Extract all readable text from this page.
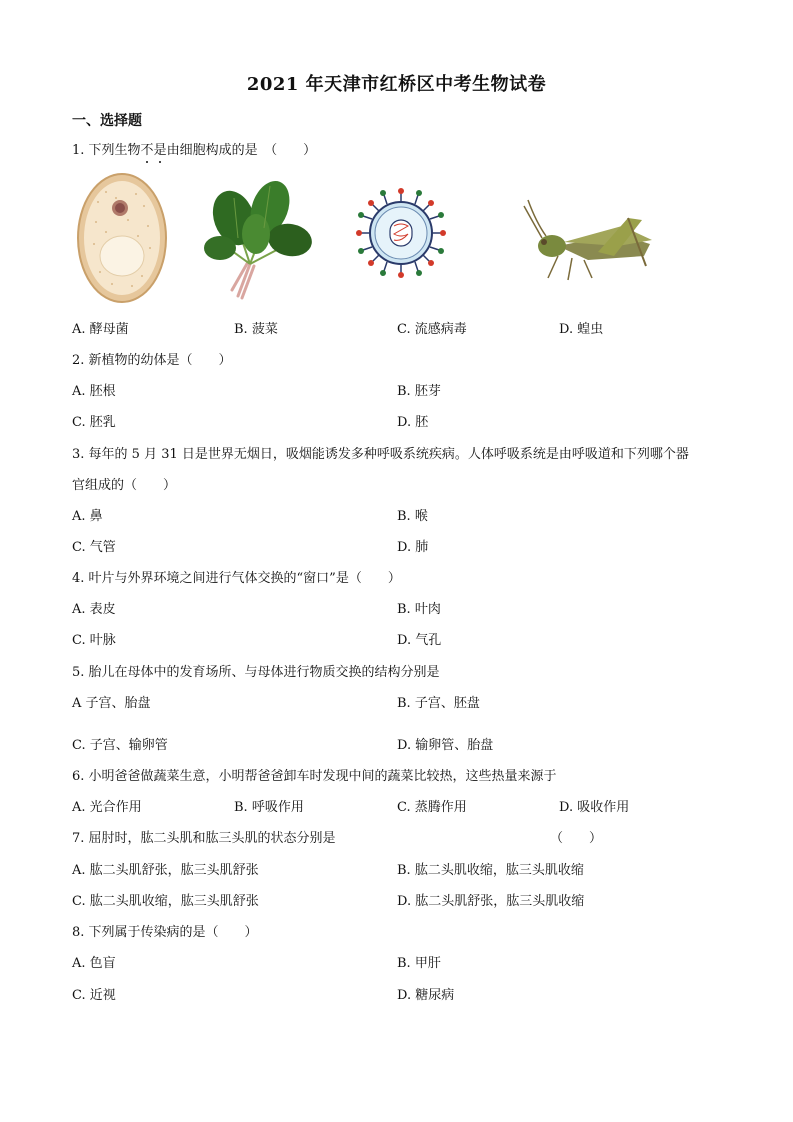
2021 年天津市红桥区中考生物试卷
一、选择题
1. 下列生物不是由细胞构成的是　（　　）
A. 酵母菌	B. 菠菜	C. 流感病毒	D. 蝗虫
2. 新植物的幼体是（　　）
A. 胚根	B. 胚芽
C. 胚乳	D. 胚
3. 每年的 5 月 31 日是世界无烟日，吸烟能诱发多种呼吸系统疾病。人体呼吸系统是由呼吸道和下列哪个器
官组成的（　　）
A. 鼻	B. 喉
C. 气管	D. 肺
4. 叶片与外界环境之间进行气体交换的“窗口”是（　　）
A. 表皮	B. 叶肉
C. 叶脉	D. 气孔
5. 胎儿在母体中的发育场所、与母体进行物质交换的结构分别是
A 子宫、胎盘	B. 子宫、胚盘
C. 子宫、输卵管	D. 输卵管、胎盘
6. 小明爸爸做蔬菜生意，小明帮爸爸卸车时发现中间的蔬菜比较热，这些热量来源于
A. 光合作用	B. 呼吸作用	C. 蒸腾作用	D. 吸收作用
7. 屈肘时，肱二头肌和肱三头肌的状态分别是	（　　）
A. 肱二头肌舒张，肱三头肌舒张	B. 肱二头肌收缩，肱三头肌收缩
C. 肱二头肌收缩，肱三头肌舒张	D. 肱二头肌舒张，肱三头肌收缩
8. 下列属于传染病的是（　　）
A. 色盲	B. 甲肝
C. 近视	D. 糖尿病
